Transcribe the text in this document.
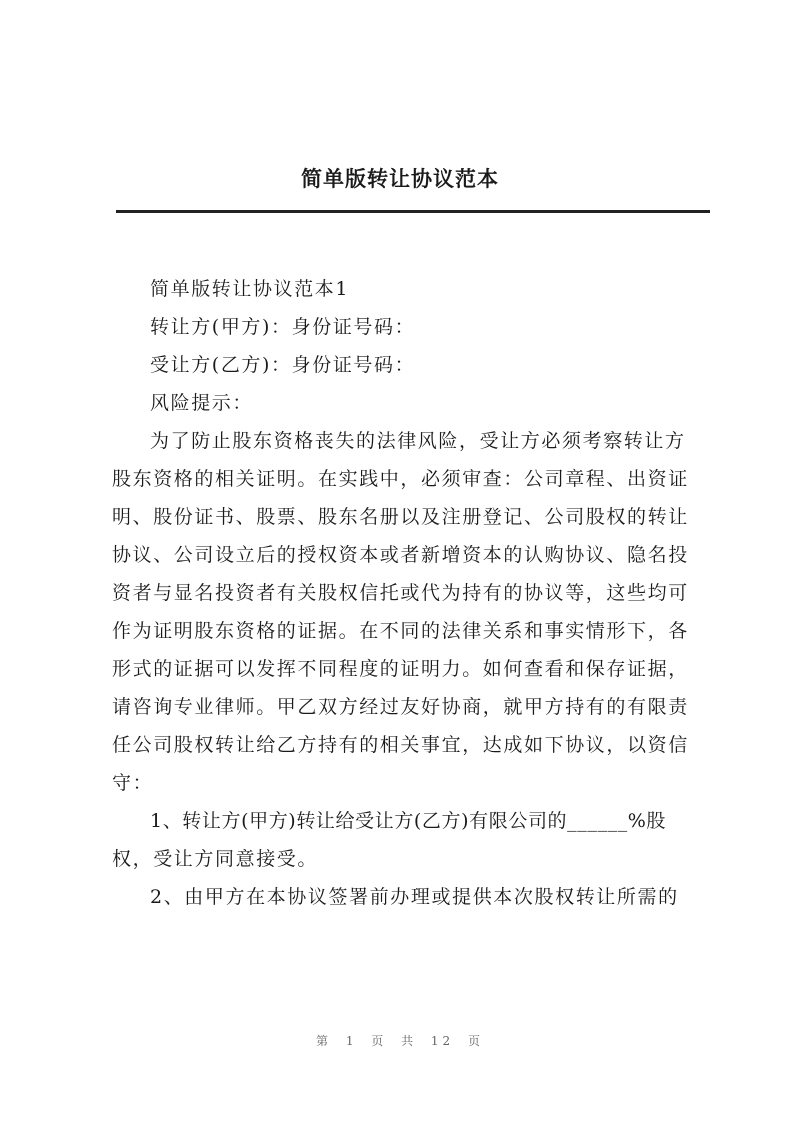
简单版转让协议范本
简单版转让协议范本1
转让方(甲方)：身份证号码：
受让方(乙方)：身份证号码：
风险提示：
为了防止股东资格丧失的法律风险，受让方必须考察转让方
股东资格的相关证明。在实践中，必须审查：公司章程、出资证
明、股份证书、股票、股东名册以及注册登记、公司股权的转让
协议、公司设立后的授权资本或者新增资本的认购协议、隐名投
资者与显名投资者有关股权信托或代为持有的协议等，这些均可
作为证明股东资格的证据。在不同的法律关系和事实情形下，各
形式的证据可以发挥不同程度的证明力。如何查看和保存证据，
请咨询专业律师。甲乙双方经过友好协商，就甲方持有的有限责
任公司股权转让给乙方持有的相关事宜，达成如下协议，以资信
守：
1、转让方(甲方)转让给受让方(乙方)有限公司的______%股
权，受让方同意接受。
2、由甲方在本协议签署前办理或提供本次股权转让所需的
第 1 页 共 12 页
